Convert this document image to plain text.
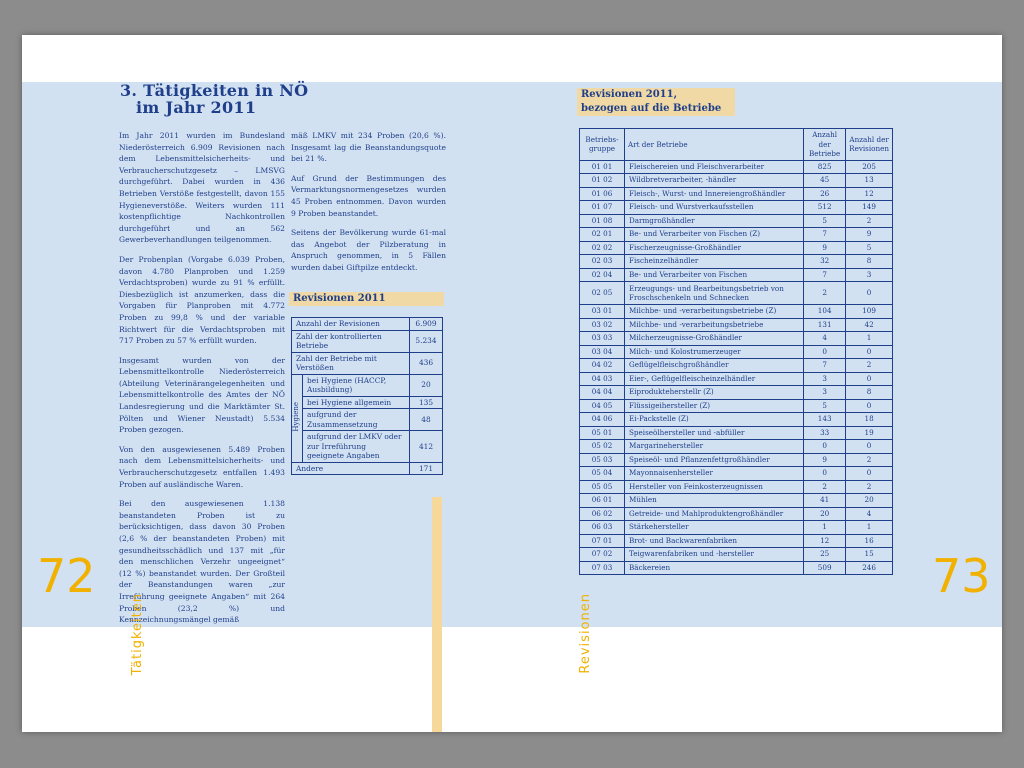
3. Tätigkeiten in NÖ
im Jahr 2011

Im Jahr 2011 wurden im Bundesland Niederösterreich 6.909 Revisionen nach dem Lebensmittelsicherheits- und Verbraucherschutzgesetz – LMSVG durchgeführt. Dabei wurden in 436 Betrieben Verstöße festgestellt, davon 155 Hygieneverstöße. Weiters wurden 111 kostenpflichtige Nachkontrollen durchgeführt und an 562 Gewerbeverhandlungen teilgenommen.

Der Probenplan (Vorgabe 6.039 Proben, davon 4.780 Planproben und 1.259 Verdachtsproben) wurde zu 91 % erfüllt. Diesbezüglich ist anzumerken, dass die Vorgaben für Planproben mit 4.772 Proben zu 99,8 % und der variable Richtwert für die Verdachtsproben mit 717 Proben zu 57 % erfüllt wurden.

Insgesamt wurden von der Lebensmittelkontrolle Niederösterreich (Abteilung Veterinärangelegenheiten und Lebensmittelkontrolle des Amtes der NÖ Landesregierung und die Marktämter St. Pölten und Wiener Neustadt) 5.534 Proben gezogen.

Von den ausgewiesenen 5.489 Proben nach dem Lebensmittelsicherheits- und Verbraucherschutzgesetz entfallen 1.493 Proben auf ausländische Waren.

Bei den ausgewiesenen 1.138 beanstandeten Proben ist zu berücksichtigen, dass davon 30 Proben (2,6 % der beanstandeten Proben) mit gesundheitsschädlich und 137 mit „für den menschlichen Verzehr ungeeignet“ (12 %) beanstandet wurden. Der Großteil der Beanstandungen waren „zur Irreführung geeignete Angaben“ mit 264 Proben (23,2 %) und Kennzeichnungsmängel gemäß

mäß LMKV mit 234 Proben (20,6 %). Insgesamt lag die Beanstandungsquote bei 21 %.

Auf Grund der Bestimmungen des Vermarktungsnormengesetzes wurden 45 Proben entnommen. Davon wurden 9 Proben beanstandet.

Seitens der Bevölkerung wurde 61-mal das Angebot der Pilzberatung in Anspruch genommen, in 5 Fällen wurden dabei Giftpilze entdeckt.

Revisionen 2011
Anzahl der Revisionen		6.909
Zahl der kontrollierten Betriebe		5.234
Zahl der Betriebe mit Verstößen		436
Hygiene	bei Hygiene (HACCP, Ausbildung)	20
	bei Hygiene allgemein	135
	aufgrund der Zusammensetzung	48
	aufgrund der LMKV oder zur Irreführung geeignete Angaben	412
Andere		171
72
Tätigkeiten
Revisionen 2011,
bezogen auf die Betriebe
Betriebs-gruppe	Art der Betriebe	Anzahl der Betriebe	Anzahl der Revisionen
01 01	Fleischereien und Fleischverarbeiter	825	205
01 02	Wildbretverarbeiter, -händler	45	13
01 06	Fleisch-, Wurst- und Innereiengroßhändler	26	12
01 07	Fleisch- und Wurstverkaufsstellen	512	149
01 08	Darmgroßhändler	5	2
02 01	Be- und Verarbeiter von Fischen (Z)	7	9
02 02	Fischerzeugnisse-Großhändler	9	5
02 03	Fischeinzelhändler	32	8
02 04	Be- und Verarbeiter von Fischen	7	3
02 05	Erzeugungs- und Bearbeitungsbetrieb von Froschschenkeln und Schnecken	2	0
03 01	Milchbe- und -verarbeitungsbetriebe (Z)	104	109
03 02	Milchbe- und -verarbeitungsbetriebe	131	42
03 03	Milcherzeugnisse-Großhändler	4	1
03 04	Milch- und Kolostrumerzeuger	0	0
04 02	Geflügelfleischgroßhändler	7	2
04 03	Eier-, Geflügelfleischeinzelhändler	3	0
04 04	Eiprodukteherstellr (Z)	3	8
04 05	Flüssigeihersteller (Z)	5	0
04 06	Ei-Packstelle (Z)	143	18
05 01	Speiseölhersteller und -abfüller	33	19
05 02	Margarinehersteller	0	0
05 03	Speiseöl- und Pflanzenfettgroßhändler	9	2
05 04	Mayonnaisenhersteller	0	0
05 05	Hersteller von Feinkosterzeugnissen	2	2
06 01	Mühlen	41	20
06 02	Getreide- und Mahlproduktengroßhändler	20	4
06 03	Stärkehersteller	1	1
07 01	Brot- und Backwarenfabriken	12	16
07 02	Teigwarenfabriken und -hersteller	25	15
07 03	Bäckereien	509	246 73
Revisionen
